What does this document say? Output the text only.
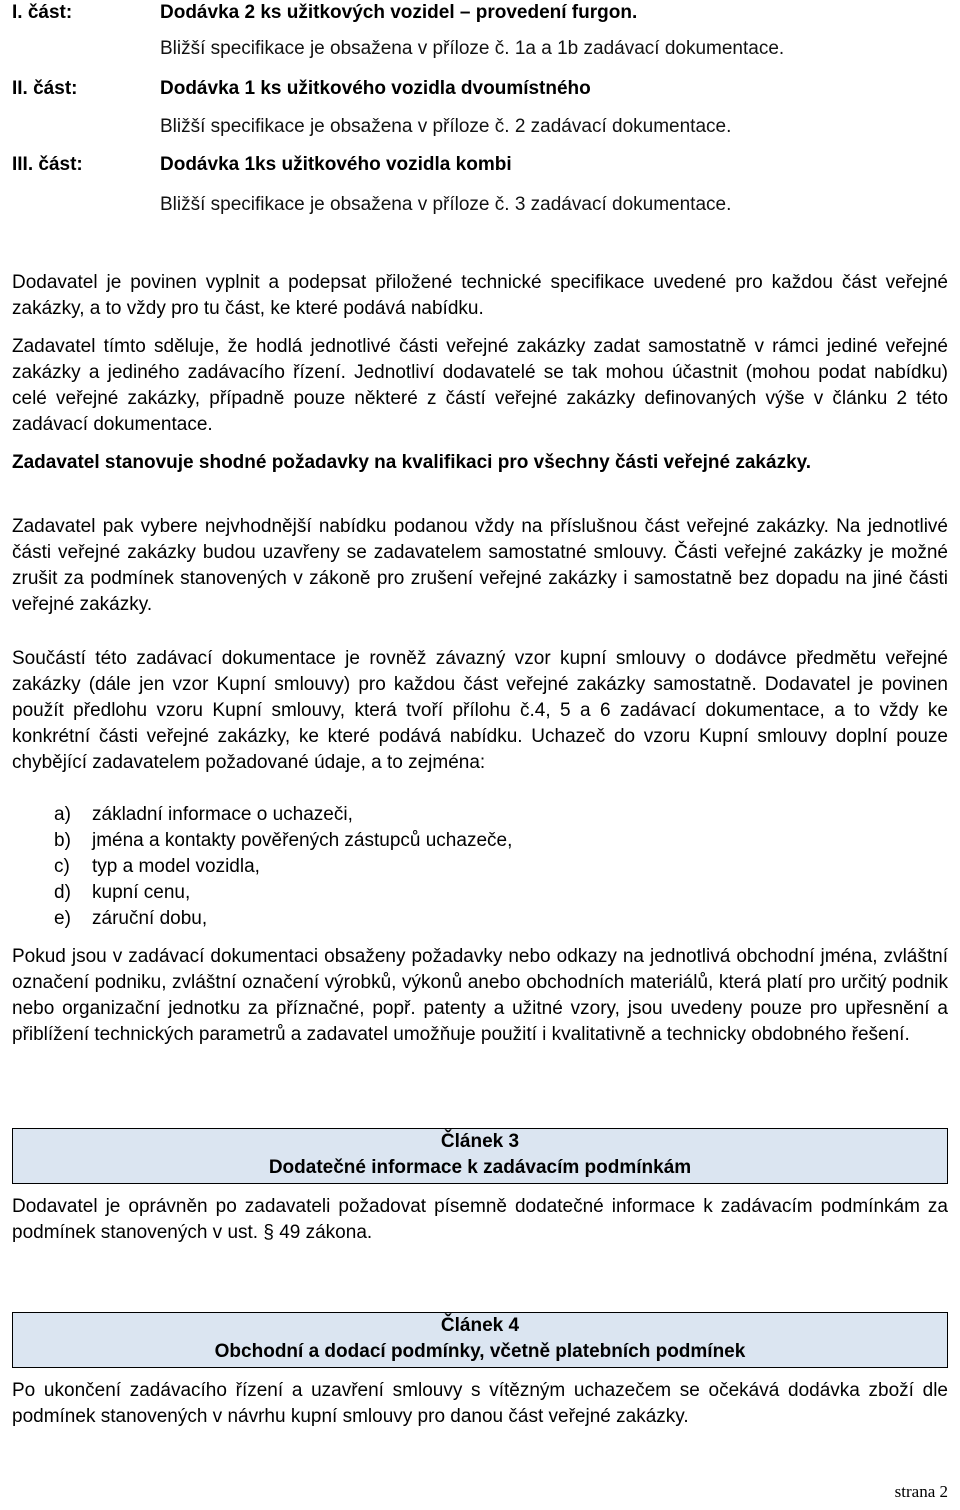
I. část:	Dodávka 2 ks užitkových vozidel – provedení furgon.
Bližší specifikace je obsažena v příloze č. 1a a 1b zadávací dokumentace.
II. část:	Dodávka 1 ks užitkového vozidla dvoumístného
Bližší specifikace je obsažena v příloze č. 2 zadávací dokumentace.
III. část:	Dodávka 1ks užitkového vozidla kombi
Bližší specifikace je obsažena v příloze č. 3 zadávací dokumentace.

Dodavatel je povinen vyplnit a podepsat přiložené technické specifikace uvedené pro každou část veřejné zakázky, a to vždy pro tu část, ke které podává nabídku.

Zadavatel tímto sděluje, že hodlá jednotlivé části veřejné zakázky zadat samostatně v rámci jediné veřejné zakázky a jediného zadávacího řízení. Jednotliví dodavatelé se tak mohou účastnit (mohou podat nabídku) celé veřejné zakázky, případně pouze některé z částí veřejné zakázky definovaných výše v článku 2 této zadávací dokumentace.

Zadavatel stanovuje shodné požadavky na kvalifikaci pro všechny části veřejné zakázky.

Zadavatel pak vybere nejvhodnější nabídku podanou vždy na příslušnou část veřejné zakázky. Na jednotlivé části veřejné zakázky budou uzavřeny se zadavatelem samostatné smlouvy. Části veřejné zakázky je možné zrušit za podmínek stanovených v zákoně pro zrušení veřejné zakázky i samostatně bez dopadu na jiné části veřejné zakázky.

Součástí této zadávací dokumentace je rovněž závazný vzor kupní smlouvy o dodávce předmětu veřejné zakázky (dále jen vzor Kupní smlouvy) pro každou část veřejné zakázky samostatně. Dodavatel je povinen použít předlohu vzoru Kupní smlouvy, která tvoří přílohu č.4, 5 a 6 zadávací dokumentace, a to vždy ke konkrétní části veřejné zakázky, ke které podává nabídku. Uchazeč do vzoru Kupní smlouvy doplní pouze chybějící zadavatelem požadované údaje, a to zejména:

a) základní informace o uchazeči,
b) jména a kontakty pověřených zástupců uchazeče,
c) typ a model vozidla,
d) kupní cenu,
e) záruční dobu,

Pokud jsou v zadávací dokumentaci obsaženy požadavky nebo odkazy na jednotlivá obchodní jména, zvláštní označení podniku, zvláštní označení výrobků, výkonů anebo obchodních materiálů, která platí pro určitý podnik nebo organizační jednotku za příznačné, popř. patenty a užitné vzory, jsou uvedeny pouze pro upřesnění a přiblížení technických parametrů a zadavatel umožňuje použití i kvalitativně a technicky obdobného řešení.

Článek 3
Dodatečné informace k zadávacím podmínkám

Dodavatel je oprávněn po zadavateli požadovat písemně dodatečné informace k zadávacím podmínkám za podmínek stanovených v ust. § 49 zákona.

Článek 4
Obchodní a dodací podmínky, včetně platebních podmínek

Po ukončení zadávacího řízení a uzavření smlouvy s vítězným uchazečem se očekává dodávka zboží dle podmínek stanovených v návrhu kupní smlouvy pro danou část veřejné zakázky.

strana 2
